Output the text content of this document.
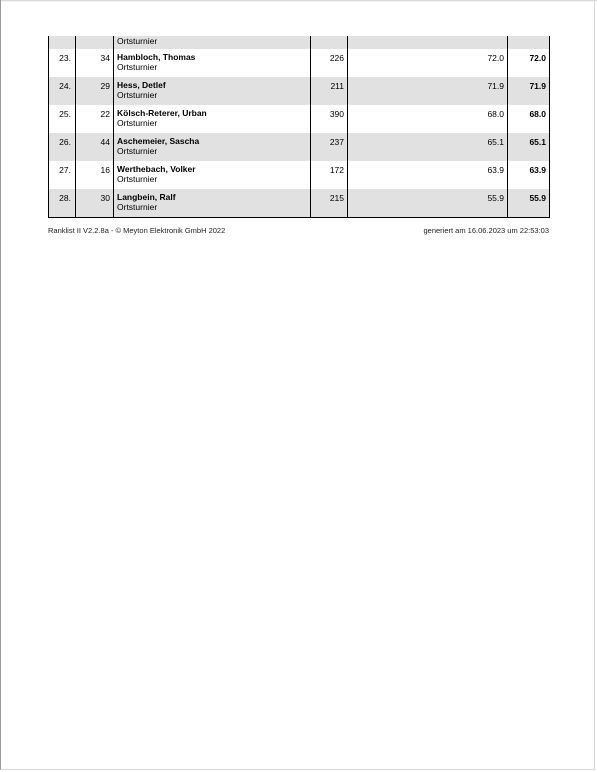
		Ortsturnier			

23.	34	Hambloch, Thomas
Ortsturnier	226	72.0	72.0
24.	29	Hess, Detlef
Ortsturnier	211	71.9	71.9
25.	22	Kölsch-Reterer, Urban
Ortsturnier	390	68.0	68.0
26.	44	Aschemeier, Sascha
Ortsturnier	237	65.1	65.1
27.	16	Werthebach, Volker
Ortsturnier	172	63.9	63.9
28.	30	Langbein, Ralf
Ortsturnier	215	55.9	55.9
Ranklist II V2.2.8a - © Meyton Elektronik GmbH 2022	generiert am 16.06.2023 um 22:53:03
